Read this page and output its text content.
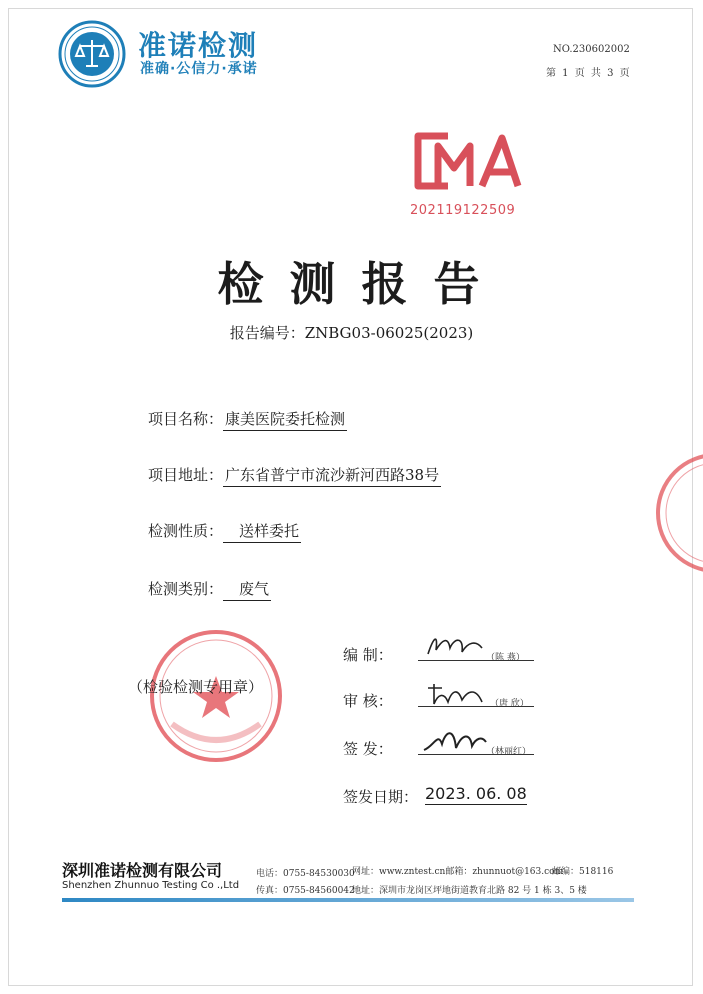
准诺检测
准确·公信力·承诺
NO.230602002
第 1 页 共 3 页
202119122509
检测报告
报告编号：ZNBG03-06025(2023)
项目名称： 康美医院委托检测
项目地址： 广东省普宁市流沙新河西路38号
检测性质： 送样委托
检测类别： 废气
（检验检测专用章）
编 制：	（陈 燕）
审 核：	（唐 欣）
签 发：	（林丽红）
签发日期： 2023. 06. 08
深圳准诺检测有限公司
Shenzhen Zhunnuo Testing Co .,Ltd
电话：0755-84530030
传真：0755-84560042
网址：www.zntest.cn邮箱：zhunnuot@163.com
邮编：518116
地址：深圳市龙岗区坪地街道教育北路 82 号 1 栋 3、5 楼
